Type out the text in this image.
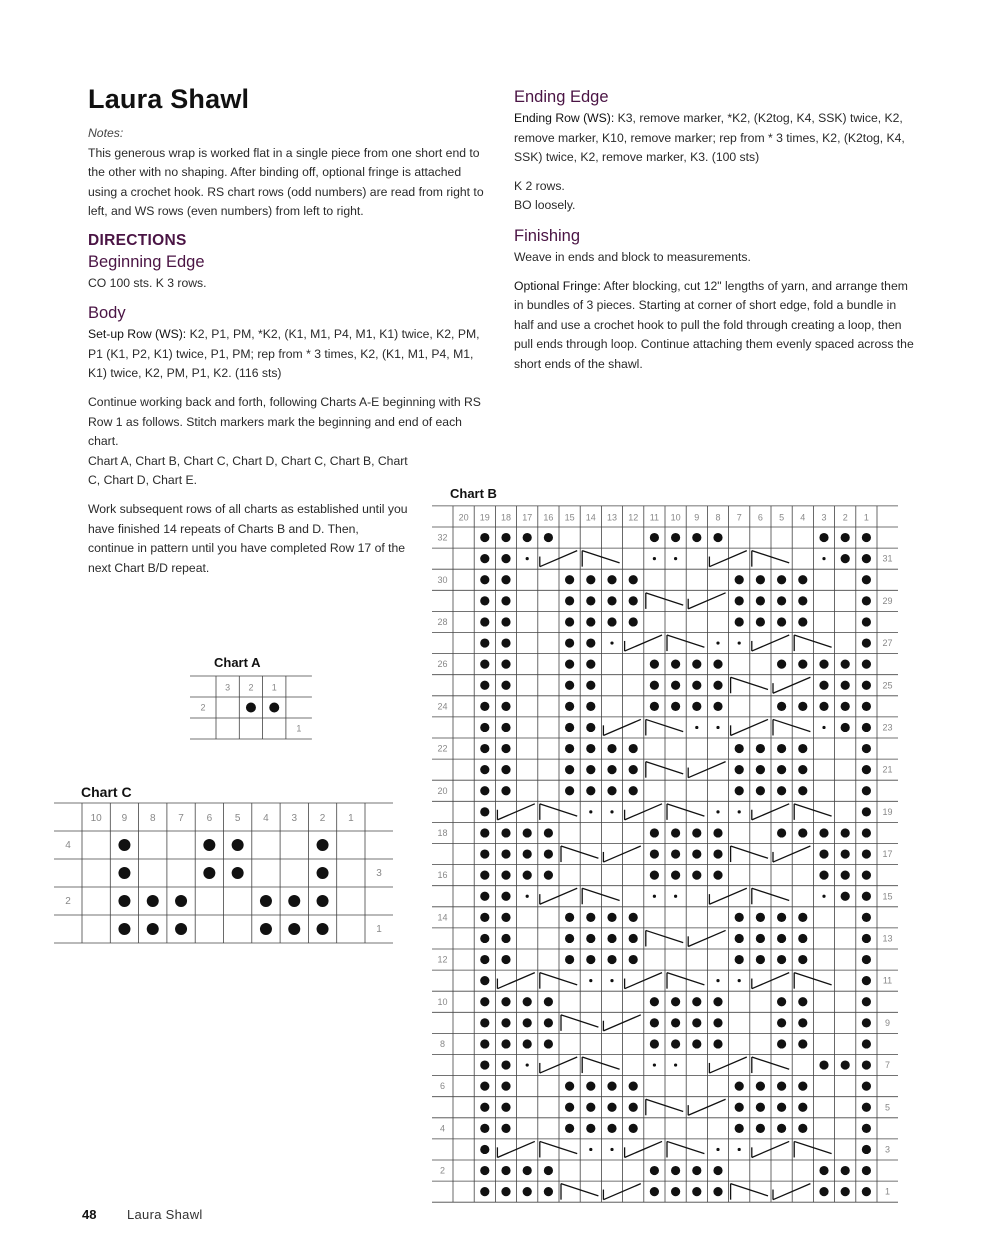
Laura Shawl

Notes:

This generous wrap is worked flat in a single piece from one short end to the other with no shaping. After binding off, optional fringe is attached using a crochet hook. RS chart rows (odd numbers) are read from right to left, and WS rows (even numbers) from left to right.

DIRECTIONS
Beginning Edge

CO 100 sts. K 3 rows.

Body

Set-up Row (WS): K2, P1, PM, *K2, (K1, M1, P4, M1, K1) twice, K2, PM, P1 (K1, P2, K1) twice, P1, PM; rep from * 3 times, K2, (K1, M1, P4, M1, K1) twice, K2, PM, P1, K2. (116 sts)

Continue working back and forth, following Charts A-E beginning with RS Row 1 as follows. Stitch markers mark the beginning and end of each chart.

Chart A, Chart B, Chart C, Chart D, Chart C, Chart B, Chart C, Chart D, Chart E.

Work subsequent rows of all charts as established until you have finished 14 repeats of Charts B and D. Then, continue in pattern until you have completed Row 17 of the next Chart B/D repeat.

Ending Edge

Ending Row (WS): K3, remove marker, *K2, (K2tog, K4, SSK) twice, K2, remove marker, K10, remove marker; rep from * 3 times, K2, (K2tog, K4, SSK) twice, K2, remove marker, K3. (100 sts)

K 2 rows.

BO loosely.

Finishing

Weave in ends and block to measurements.

Optional Fringe: After blocking, cut 12" lengths of yarn, and arrange them in bundles of 3 pieces. Starting at corner of short edge, fold a bundle in half and use a crochet hook to pull the fold through creating a loop, then pull ends through loop. Continue attaching them evenly spaced across the short ends of the shawl.

Chart A
Chart C
Chart B
3 2 1
2
1
10 9 8 7 6 5 4 3 2 1
4
3
2
1
20 19 18 17 16 15 14 13 12 11 10 9 8 7 6 5 4 3 2 1
32
31
30
29
28
27
26
25
24
23
22
21
20
19
18
17
16
15
14
13
12
11
10
9
8
7
6
5
4
3
2
1
48 Laura Shawl
